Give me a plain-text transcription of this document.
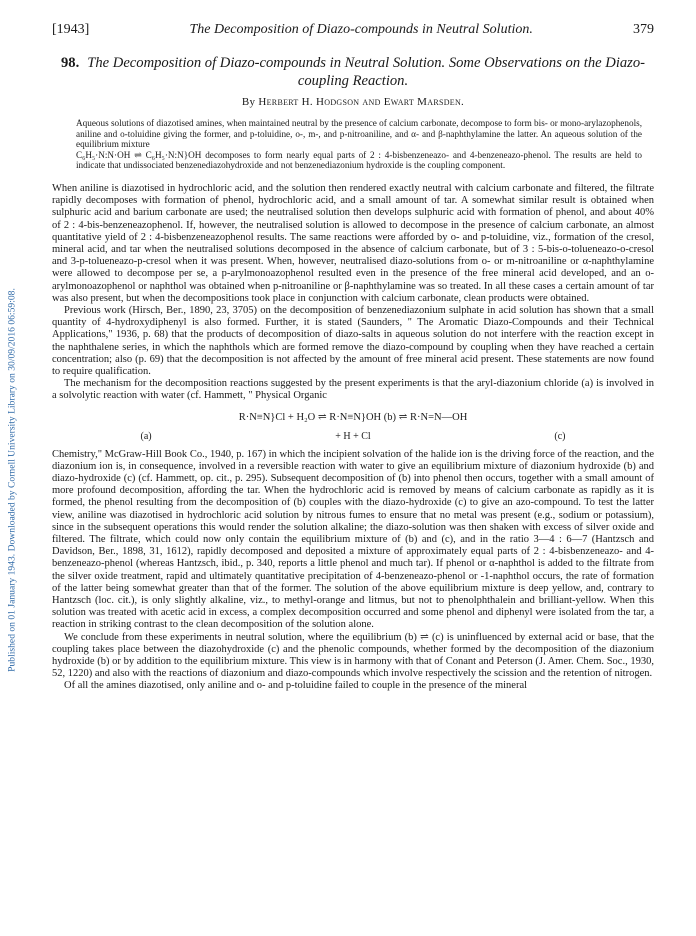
Published on 01 January 1943. Downloaded by Cornell University Library on 30/09/2016 06:59:08.
[1943]	The Decomposition of Diazo-compounds in Neutral Solution.	379
98. The Decomposition of Diazo-compounds in Neutral Solution. Some Observations on the Diazo-coupling Reaction.
By Herbert H. Hodgson and Ewart Marsden.

Aqueous solutions of diazotised amines, when maintained neutral by the presence of calcium carbonate, decompose to form bis- or mono-arylazophenols, aniline and o-toluidine giving the former, and p-toluidine, o-, m-, and p-nitroaniline, and α- and β-naphthylamine the latter. An aqueous solution of the equilibrium mixture

C₆H₅·N:N·OH ⇌ C₆H₅·N:N}OH decomposes to form nearly equal parts of 2 : 4-bisbenzeneazo- and 4-benzeneazo-phenol. The results are held to indicate that undissociated benzenediazohydroxide and not benzenediazonium hydroxide is the coupling component.

When aniline is diazotised in hydrochloric acid, and the solution then rendered exactly neutral with calcium carbonate and filtered, the filtrate rapidly decomposes with formation of phenol, hydrochloric acid, and a small amount of tar. A somewhat similar result is obtained when sulphuric acid and barium carbonate are used; the neutralised solution then develops sulphuric acid with formation of phenol, and about 40% of 2 : 4-bis-benzeneazophenol. If, however, the neutralised solution is allowed to decompose in the presence of calcium carbonate, an almost quantitative yield of 2 : 4-bisbenzeneazophenol results. The same reactions were afforded by o- and p-toluidine, viz., formation of the cresol, mineral acid, and tar when the neutralised solutions decomposed in the absence of calcium carbonate, but of 3 : 5-bis-o-tolueneazo-o-cresol and 3-p-tolueneazo-p-cresol when it was present. When, however, neutralised diazo-solutions from o- or m-nitroaniline or α-naphthylamine were allowed to decompose per se, a p-arylmonoazophenol resulted even in the presence of the free mineral acid developed, and an o-arylmonoazophenol or naphthol was obtained when p-nitroaniline or β-naphthylamine was so treated. In all these cases a certain amount of tar was also present, but when the decompositions took place in conjunction with calcium carbonate, clean products were obtained.

Previous work (Hirsch, Ber., 1890, 23, 3705) on the decomposition of benzenediazonium sulphate in acid solution has shown that a small quantity of 4-hydroxydiphenyl is also formed. Further, it is stated (Saunders, " The Aromatic Diazo-Compounds and their Technical Applications," 1936, p. 68) that the products of decomposition of diazo-salts in aqueous solution do not interfere with the reaction except in the naphthalene series, in which the naphthols which are formed remove the diazo-compound by coupling when they have reached a certain concentration; also (p. 69) that the decomposition is not affected by the amount of free mineral acid present. These statements are now found to require qualification.

The mechanism for the decomposition reactions suggested by the present experiments is that the aryl-diazonium chloride (a) is involved in a solvolytic reaction with water (cf. Hammett, " Physical Organic

R·N≡N}Cl + H₂O ⇌ R·N≡N}OH (b) ⇌ R·N=N—OH
(a)	+ H + Cl	(c)

Chemistry," McGraw-Hill Book Co., 1940, p. 167) in which the incipient solvation of the halide ion is the driving force of the reaction, and the diazonium ion is, in consequence, involved in a reversible reaction with water to give an equilibrium mixture of diazonium hydroxide (b) and diazo-hydroxide (c) (cf. Hammett, op. cit., p. 295). Subsequent decomposition of (b) into phenol then occurs, together with a small amount of more profound decomposition, affording the tar. When the hydrochloric acid is removed by means of calcium carbonate as rapidly as it is formed, the phenol resulting from the decomposition of (b) couples with the diazo-hydroxide (c) to give an azo-compound. To test the latter view, aniline was diazotised in hydrochloric acid solution by nitrous fumes to ensure that no metal was present (e.g., sodium or potassium), since in the subsequent operations this would render the solution alkaline; the diazo-solution was then shaken with excess of silver oxide and filtered. The filtrate, which could now only contain the equilibrium mixture of (b) and (c), and in the ratio 3—4 : 6—7 (Hantzsch and Davidson, Ber., 1898, 31, 1612), rapidly decomposed and deposited a mixture of approximately equal parts of 2 : 4-bisbenzeneazo- and 4-benzeneazo-phenol (whereas Hantzsch, ibid., p. 340, reports a little phenol and much tar). If phenol or α-naphthol is added to the filtrate from the silver oxide treatment, rapid and ultimately quantitative precipitation of 4-benzeneazo-phenol or -1-naphthol occurs, the rate of formation of the latter being somewhat greater than that of the former. The solution of the above equilibrium mixture is deep yellow, and, contrary to Hantzsch (loc. cit.), is only slightly alkaline, viz., to methyl-orange and litmus, but not to phenolphthalein and brilliant-yellow. When this solution was treated with acetic acid in excess, a complex decomposition occurred and some phenol and diphenyl were isolated from the tar, a reaction in striking contrast to the clean decomposition of the solution alone.

We conclude from these experiments in neutral solution, where the equilibrium (b) ⇌ (c) is uninfluenced by external acid or base, that the coupling takes place between the diazohydroxide (c) and the phenolic compounds, whether formed by the decomposition of the diazonium hydroxide (b) or by addition to the equilibrium mixture. This view is in harmony with that of Conant and Peterson (J. Amer. Chem. Soc., 1930, 52, 1220) and also with the reactions of diazonium and diazo-compounds which involve respectively the scission and the retention of nitrogen.

Of all the amines diazotised, only aniline and o- and p-toluidine failed to couple in the presence of the mineral
